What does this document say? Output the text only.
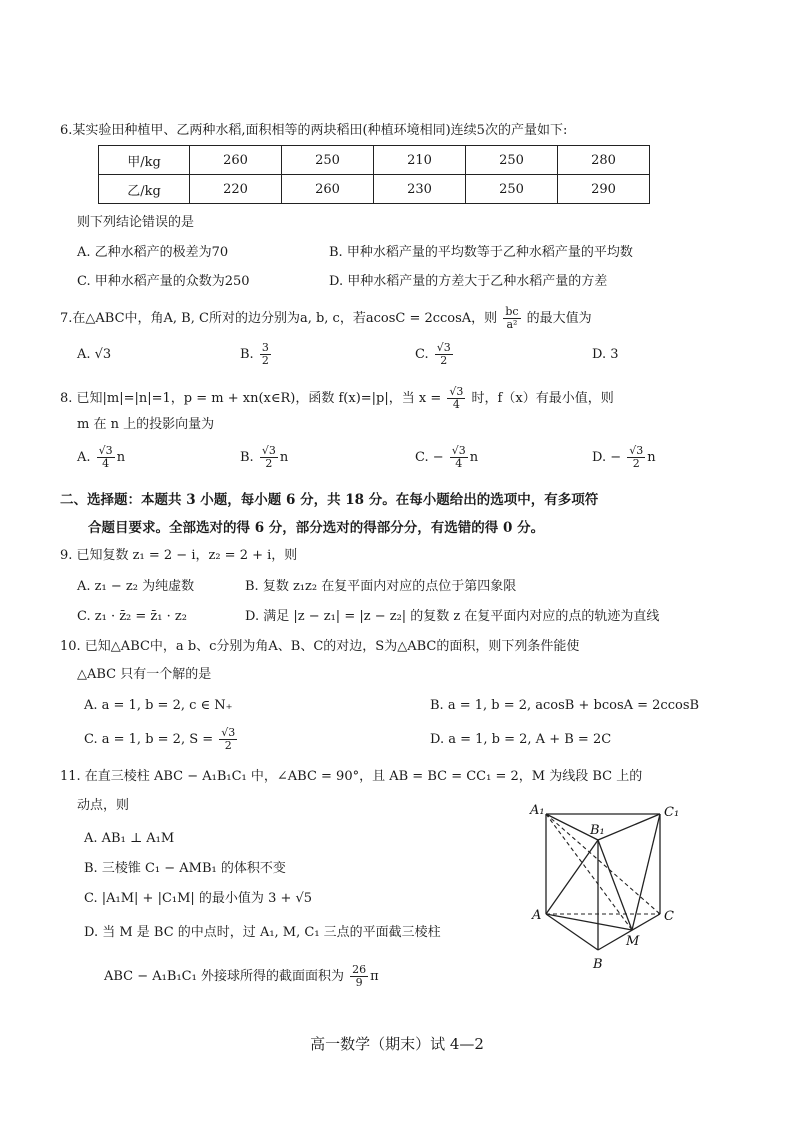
6.某实验田种植甲、乙两种水稻,面积相等的两块稻田(种植环境相同)连续5次的产量如下:
甲/kg	260	250	210	250	280
乙/kg	220	260	230	250	290
则下列结论错误的是
A. 乙种水稻产的极差为70	B. 甲种水稻产量的平均数等于乙种水稻产量的平均数
C. 甲种水稻产量的众数为250	D. 甲种水稻产量的方差大于乙种水稻产量的方差
7.在△ABC中，角A, B, C所对的边分别为a, b, c，若acosC = 2ccosA，则 $\frac{bc}{\text{a²}}$ 的最大值为
A. √3	B. $\frac{3}{2}$	C. $\frac{√3}{2}$	D. 3
8. 已知|m|=|n|=1，p = m + xn(x∈R)，函数 f(x)=|p|，当 $x = \frac{√3}{4}$ 时，f（x）有最小值，则
m 在 n 上的投影向量为
A. $\frac{√3}{4}$ n	B. $\frac{√3}{2}$ n	C. − $\frac{√3}{4}$ n	D. − $\frac{√3}{2}$ n
二、选择题：本题共 3 小题，每小题 6 分，共 18 分。在每小题给出的选项中，有多项符
合题目要求。全部选对的得 6 分，部分选对的得部分分，有选错的得 0 分。
9. 已知复数 z₁ = 2 − i，z₂ = 2 + i，则
A. z₁ − z₂ 为纯虚数	B. 复数 z₁z₂ 在复平面内对应的点位于第四象限
C. z₁ · z̄₂ = z̄₁ · z₂	D. 满足 |z − z₁| = |z − z₂| 的复数 z 在复平面内对应的点的轨迹为直线
10. 已知△ABC中，a b、c分别为角A、B、C的对边，S为△ABC的面积，则下列条件能使
△ABC 只有一个解的是
A. a = 1, b = 2, c ∈ N₊	B. a = 1, b = 2, acosB + bcosA = 2ccosB
C. a = 1, b = 2, $S = \frac{√3}{2}$	D. a = 1, b = 2, A + B = 2C
11. 在直三棱柱 ABC − A₁B₁C₁ 中，∠ABC = 90°，且 AB = BC = CC₁ = 2，M 为线段 BC 上的
动点，则
A. AB₁ ⊥ A₁M
B. 三棱锥 C₁ − AMB₁ 的体积不变
C. |A₁M| + |C₁M| 的最小值为 3 + √5
D. 当 M 是 BC 的中点时，过 A₁, M, C₁ 三点的平面截三棱柱
ABC − A₁B₁C₁ 外接球所得的截面面积为 $\frac{26}{9}$ π
A₁
B₁
C₁
A	C
M
B
高一数学（期末）试 4—2
